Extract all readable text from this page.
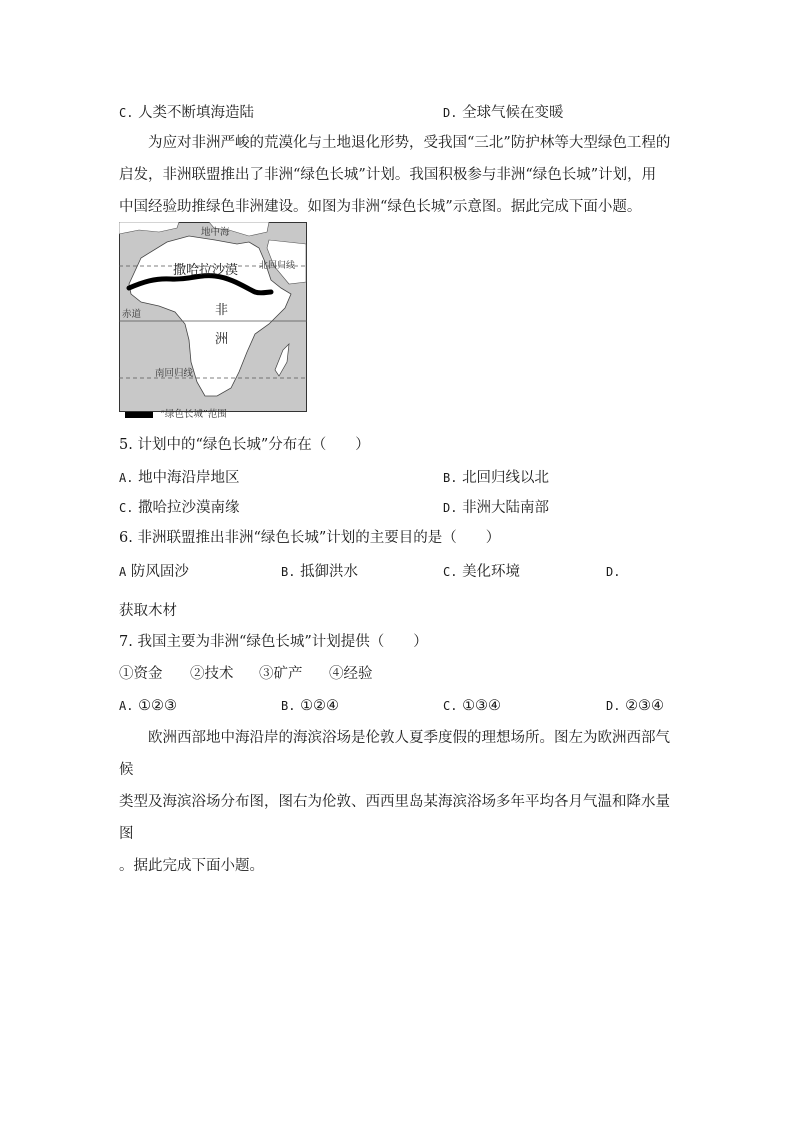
C. 人类不断填海造陆	D. 全球气候在变暖

为应对非洲严峻的荒漠化与土地退化形势，受我国“三北”防护林等大型绿色工程的

启发，非洲联盟推出了非洲“绿色长城”计划。我国积极参与非洲“绿色长城”计划，用

中国经验助推绿色非洲建设。如图为非洲“绿色长城”示意图。据此完成下面小题。

地中海
北回归线
撒哈拉沙漠
非
洲
赤道
南回归线
“绿色长城”范围
5. 计划中的“绿色长城”分布在（　　）
A. 地中海沿岸地区	B. 北回归线以北
C. 撒哈拉沙漠南缘	D. 非洲大陆南部
6. 非洲联盟推出非洲“绿色长城”计划的主要目的是（　　）
A 防风固沙	B. 抵御洪水	C. 美化环境	D.
获取木材
7. 我国主要为非洲“绿色长城”计划提供（　　）
①资金 ②技术 ③矿产 ④经验
A. ①②③	B. ①②④	C. ①③④	D. ②③④

欧洲西部地中海沿岸的海滨浴场是伦敦人夏季度假的理想场所。图左为欧洲西部气候

类型及海滨浴场分布图，图右为伦敦、西西里岛某海滨浴场多年平均各月气温和降水量图

。据此完成下面小题。
